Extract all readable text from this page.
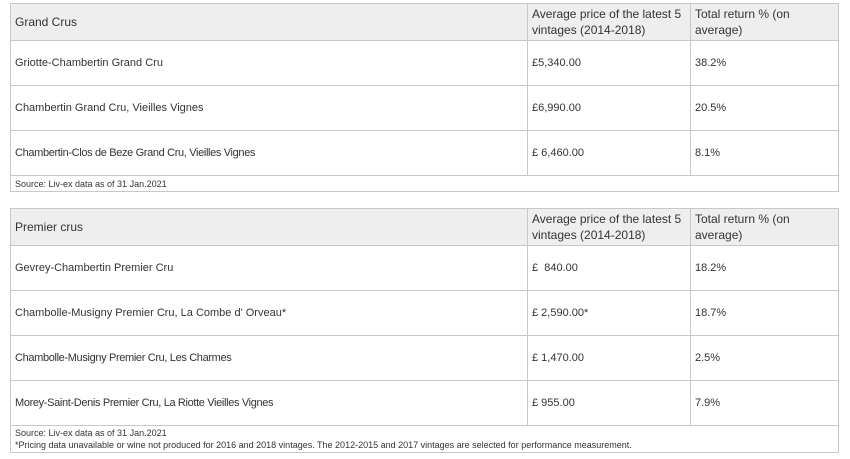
Grand Crus	Average price of the latest 5 vintages (2014-2018)	Total return % (on average)
Griotte-Chambertin Grand Cru	£5,340.00	38.2%
Chambertin Grand Cru, Vieilles Vignes	£6,990.00	20.5%
Chambertin-Clos de Beze Grand Cru, Vieilles Vignes	£ 6,460.00	8.1%
Source: Liv-ex data as of 31 Jan.2021		
Premier crus	Average price of the latest 5 vintages (2014-2018)	Total return % (on average)
Gevrey-Chambertin Premier Cru	£  840.00	18.2%
Chambolle-Musigny Premier Cru, La Combe d' Orveau*	£ 2,590.00*	18.7%
Chambolle-Musigny Premier Cru, Les Charmes	£ 1,470.00	2.5%
Morey-Saint-Denis Premier Cru, La Riotte Vieilles Vignes	£ 955.00	7.9%

Source: Liv-ex data as of 31 Jan.2021
*Pricing data unavailable or wine not produced for 2016 and 2018 vintages. The 2012-2015 and 2017 vintages are selected for performance measurement.		
